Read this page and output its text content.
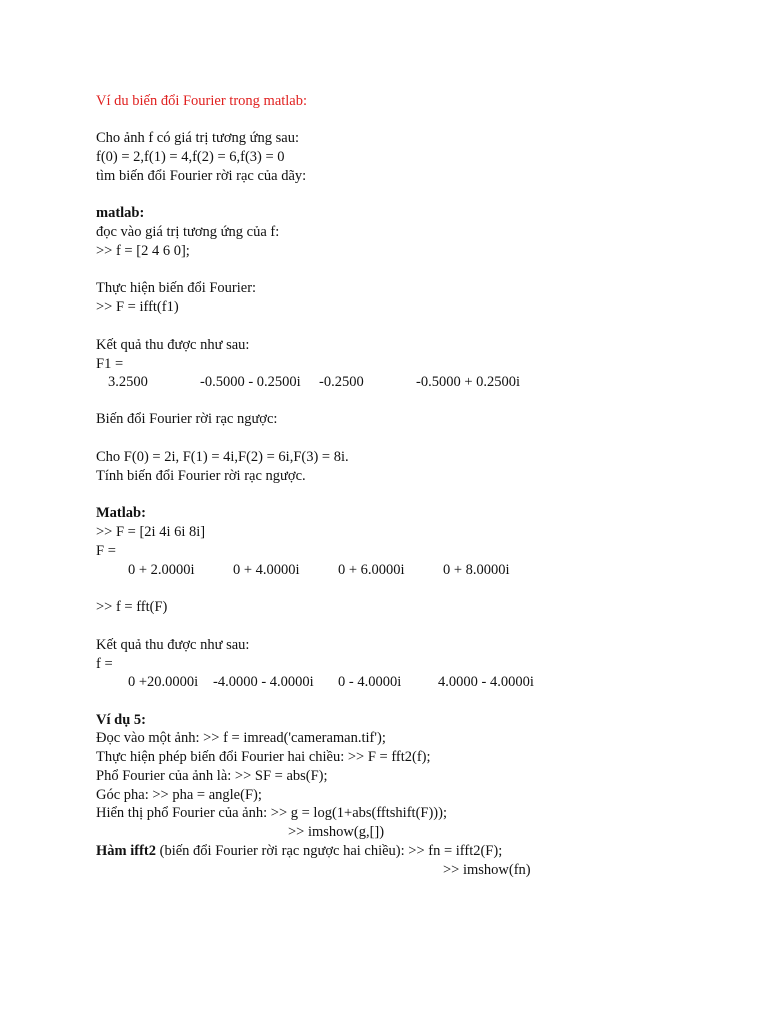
Ví du biến đổi Fourier trong matlab:
Cho ảnh f có giá trị tương ứng sau:
f(0) = 2,f(1) = 4,f(2) = 6,f(3) = 0
tìm biến đổi Fourier rời rạc của dãy:
matlab:
đọc vào giá trị tương ứng của f:
>> f = [2 4 6 0];
Thực hiện biến đổi Fourier:
>> F = ifft(f1)
Kết quả thu được như sau:
F1 =
3.2500	-0.5000 - 0.2500i -0.2500	-0.5000 + 0.2500i
Biến đổi Fourier rời rạc ngược:
Cho F(0) = 2i, F(1) = 4i,F(2) = 6i,F(3) = 8i.
Tính biến đổi Fourier rời rạc ngược.
Matlab:
>> F = [2i 4i 6i 8i]
F =
0 + 2.0000i	0 + 4.0000i	0 + 6.0000i	0 + 8.0000i
>> f = fft(F)
Kết quả thu được như sau:
f =
0 +20.0000i -4.0000 - 4.0000i 0 - 4.0000i	4.0000 - 4.0000i
Ví dụ 5:
Đọc vào một ảnh: >> f = imread('cameraman.tif');
Thực hiện phép biến đổi Fourier hai chiều: >> F = fft2(f);
Phổ Fourier của ảnh là: >> SF = abs(F);
Góc pha: >> pha = angle(F);
Hiển thị phổ Fourier của ảnh: >> g = log(1+abs(fftshift(F)));
>> imshow(g,[])
Hàm ifft2 (biến đổi Fourier rời rạc ngược hai chiều): >> fn = ifft2(F);
>> imshow(fn)
